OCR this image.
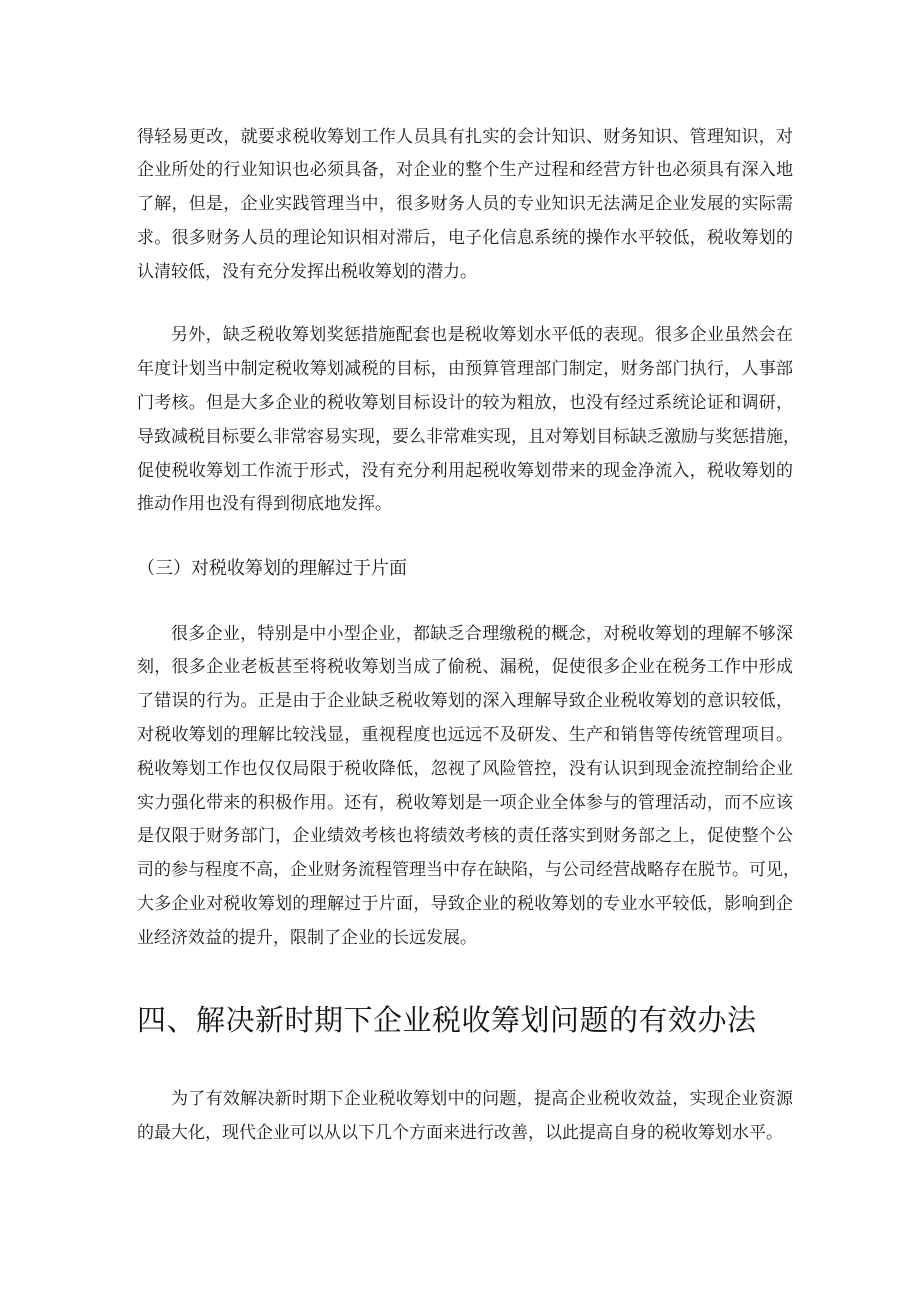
得轻易更改，就要求税收筹划工作人员具有扎实的会计知识、财务知识、管理知识，对
企业所处的行业知识也必须具备，对企业的整个生产过程和经营方针也必须具有深入地
了解，但是，企业实践管理当中，很多财务人员的专业知识无法满足企业发展的实际需
求。很多财务人员的理论知识相对滞后，电子化信息系统的操作水平较低，税收筹划的
认清较低，没有充分发挥出税收筹划的潜力。
另外，缺乏税收筹划奖惩措施配套也是税收筹划水平低的表现。很多企业虽然会在
年度计划当中制定税收筹划减税的目标，由预算管理部门制定，财务部门执行，人事部
门考核。但是大多企业的税收筹划目标设计的较为粗放，也没有经过系统论证和调研，
导致减税目标要么非常容易实现，要么非常难实现，且对筹划目标缺乏激励与奖惩措施，
促使税收筹划工作流于形式，没有充分利用起税收筹划带来的现金净流入，税收筹划的
推动作用也没有得到彻底地发挥。
（三）对税收筹划的理解过于片面
很多企业，特别是中小型企业，都缺乏合理缴税的概念，对税收筹划的理解不够深
刻，很多企业老板甚至将税收筹划当成了偷税、漏税，促使很多企业在税务工作中形成
了错误的行为。正是由于企业缺乏税收筹划的深入理解导致企业税收筹划的意识较低，
对税收筹划的理解比较浅显，重视程度也远远不及研发、生产和销售等传统管理项目。
税收筹划工作也仅仅局限于税收降低，忽视了风险管控，没有认识到现金流控制给企业
实力强化带来的积极作用。还有，税收筹划是一项企业全体参与的管理活动，而不应该
是仅限于财务部门，企业绩效考核也将绩效考核的责任落实到财务部之上，促使整个公
司的参与程度不高，企业财务流程管理当中存在缺陷，与公司经营战略存在脱节。可见，
大多企业对税收筹划的理解过于片面，导致企业的税收筹划的专业水平较低，影响到企
业经济效益的提升，限制了企业的长远发展。
四、解决新时期下企业税收筹划问题的有效办法
为了有效解决新时期下企业税收筹划中的问题，提高企业税收效益，实现企业资源
的最大化，现代企业可以从以下几个方面来进行改善，以此提高自身的税收筹划水平。
